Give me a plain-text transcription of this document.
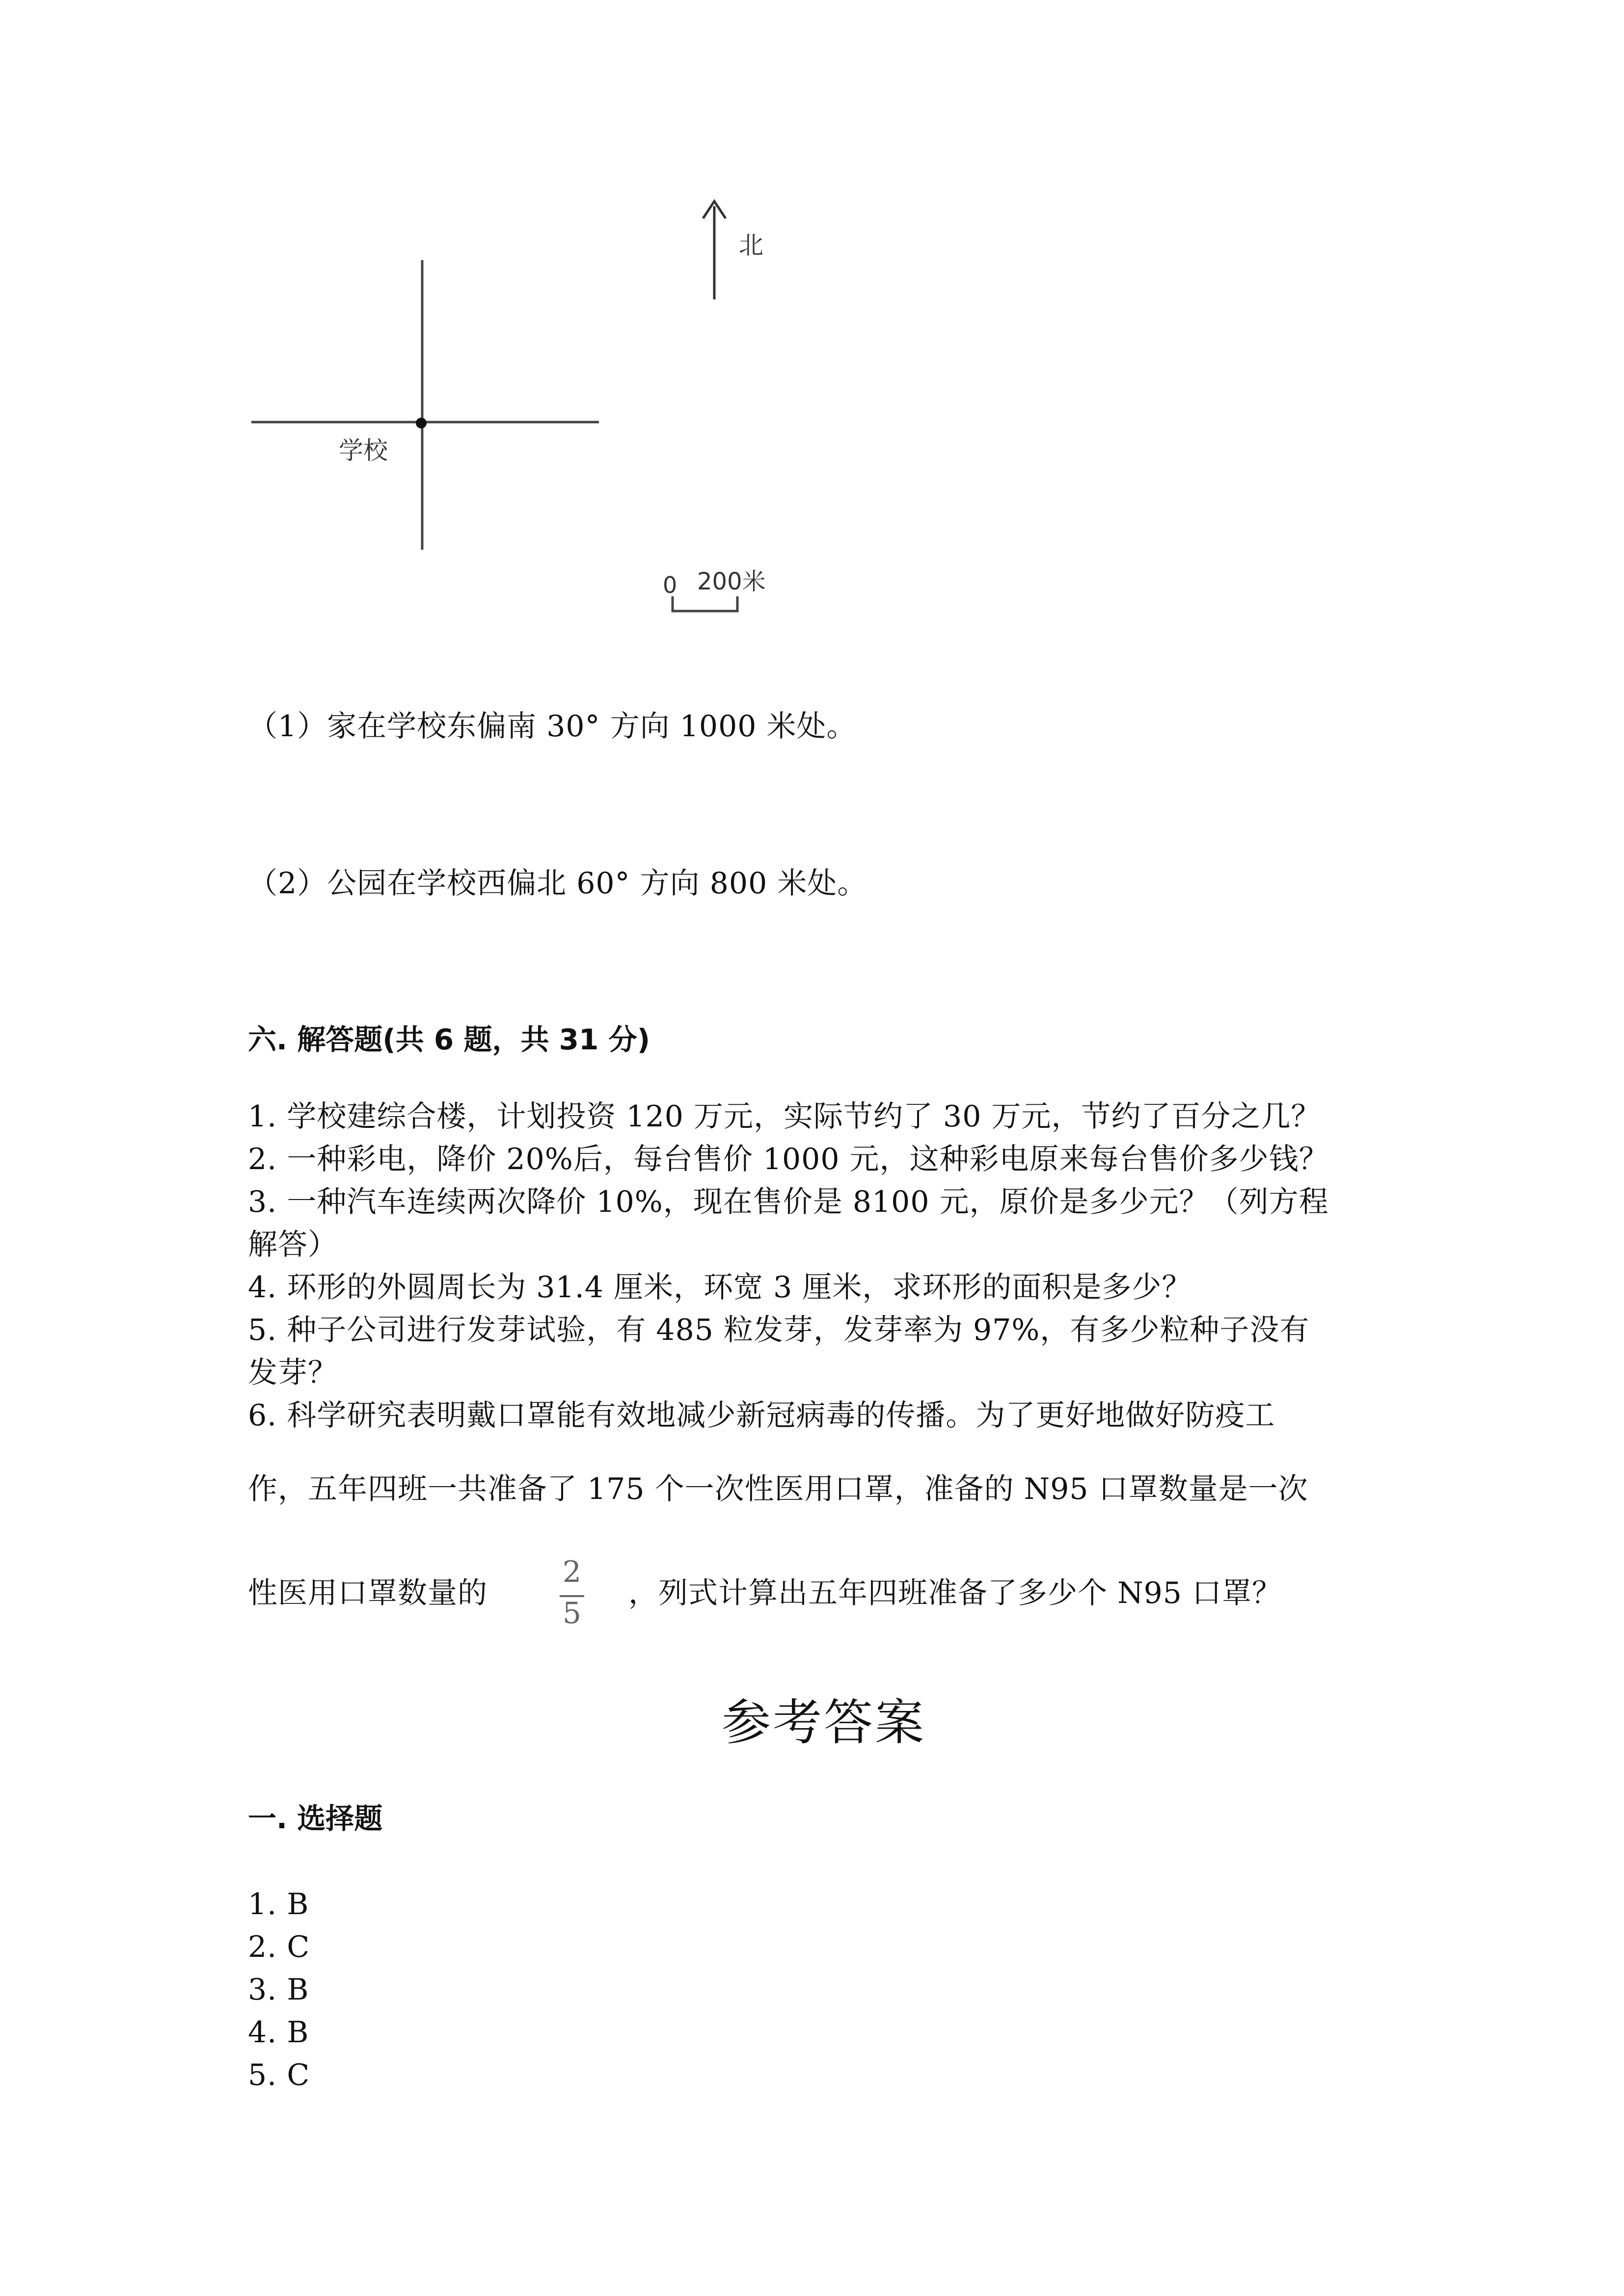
北
学校
0 200米
（1）家在学校东偏南 30° 方向 1000 米处。
（2）公园在学校西偏北 60° 方向 800 米处。
六. 解答题(共 6 题，共 31 分)
1. 学校建综合楼，计划投资 120 万元，实际节约了 30 万元，节约了百分之几？
2. 一种彩电，降价 20%后，每台售价 1000 元，这种彩电原来每台售价多少钱？
3. 一种汽车连续两次降价 10%，现在售价是 8100 元，原价是多少元？（列方程
解答）
4. 环形的外圆周长为 31.4 厘米，环宽 3 厘米，求环形的面积是多少？
5. 种子公司进行发芽试验，有 485 粒发芽，发芽率为 97%，有多少粒种子没有
发芽？
6. 科学研究表明戴口罩能有效地减少新冠病毒的传播。为了更好地做好防疫工
作，五年四班一共准备了 175 个一次性医用口罩，准备的 N95 口罩数量是一次
性医用口罩数量的
2
5
，列式计算出五年四班准备了多少个 N95 口罩？
参考答案
一. 选择题
1. B
2. C
3. B
4. B
5. C
